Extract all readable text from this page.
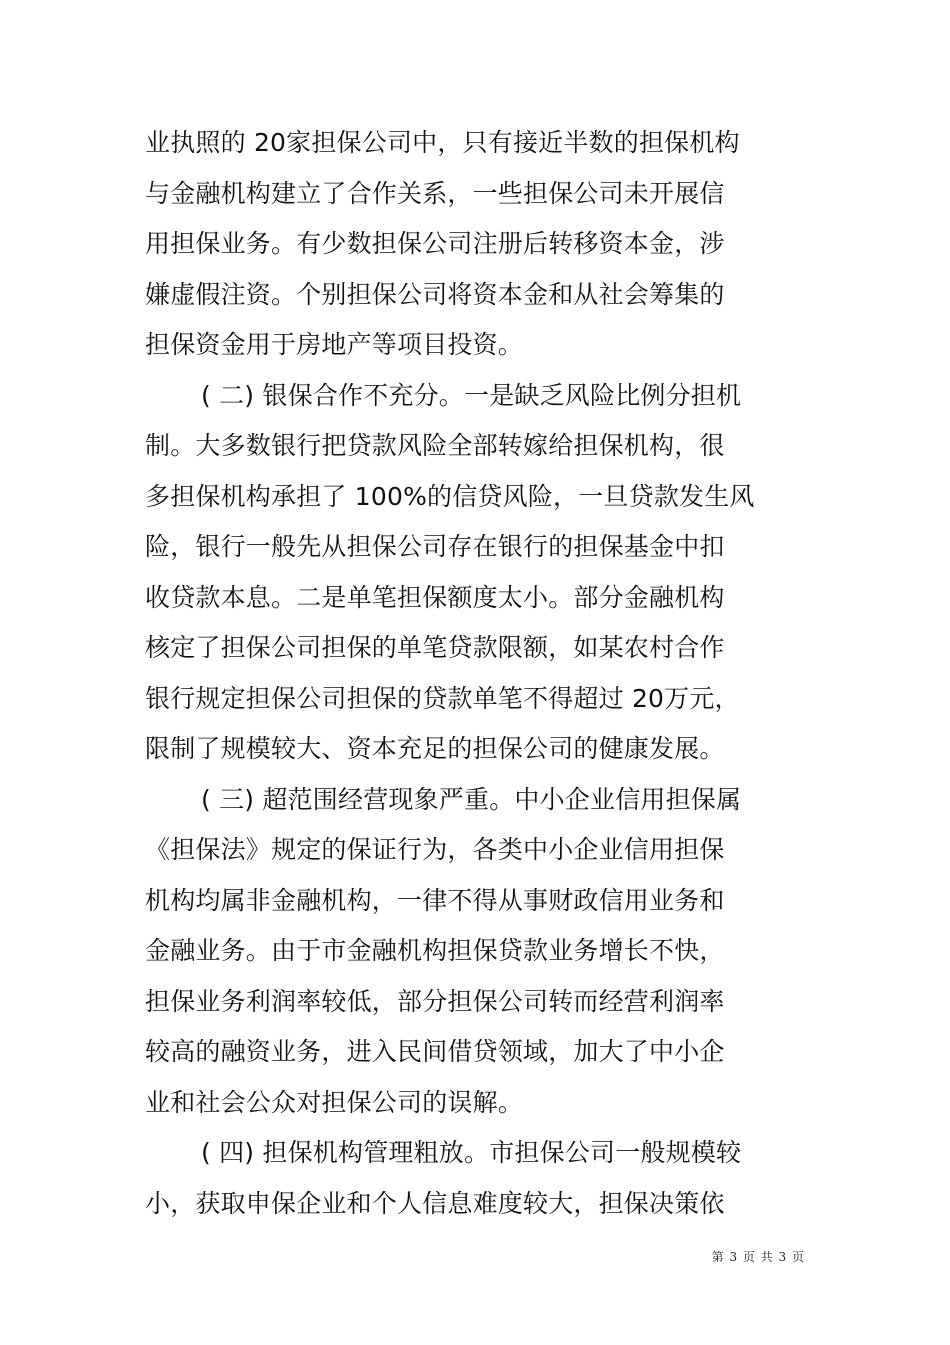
业执照的 20家担保公司中，只有接近半数的担保机构
与金融机构建立了合作关系，一些担保公司未开展信
用担保业务。有少数担保公司注册后转移资本金，涉
嫌虚假注资。个别担保公司将资本金和从社会筹集的
担保资金用于房地产等项目投资。
( 二) 银保合作不充分。一是缺乏风险比例分担机
制。大多数银行把贷款风险全部转嫁给担保机构，很
多担保机构承担了 100%的信贷风险，一旦贷款发生风
险，银行一般先从担保公司存在银行的担保基金中扣
收贷款本息。二是单笔担保额度太小。部分金融机构
核定了担保公司担保的单笔贷款限额，如某农村合作
银行规定担保公司担保的贷款单笔不得超过 20万元，
限制了规模较大、资本充足的担保公司的健康发展。
( 三) 超范围经营现象严重。中小企业信用担保属
《担保法》规定的保证行为，各类中小企业信用担保
机构均属非金融机构，一律不得从事财政信用业务和
金融业务。由于市金融机构担保贷款业务增长不快，
担保业务利润率较低，部分担保公司转而经营利润率
较高的融资业务，进入民间借贷领域，加大了中小企
业和社会公众对担保公司的误解。
( 四) 担保机构管理粗放。市担保公司一般规模较
小，获取申保企业和个人信息难度较大，担保决策依
第 3 页 共 3 页
